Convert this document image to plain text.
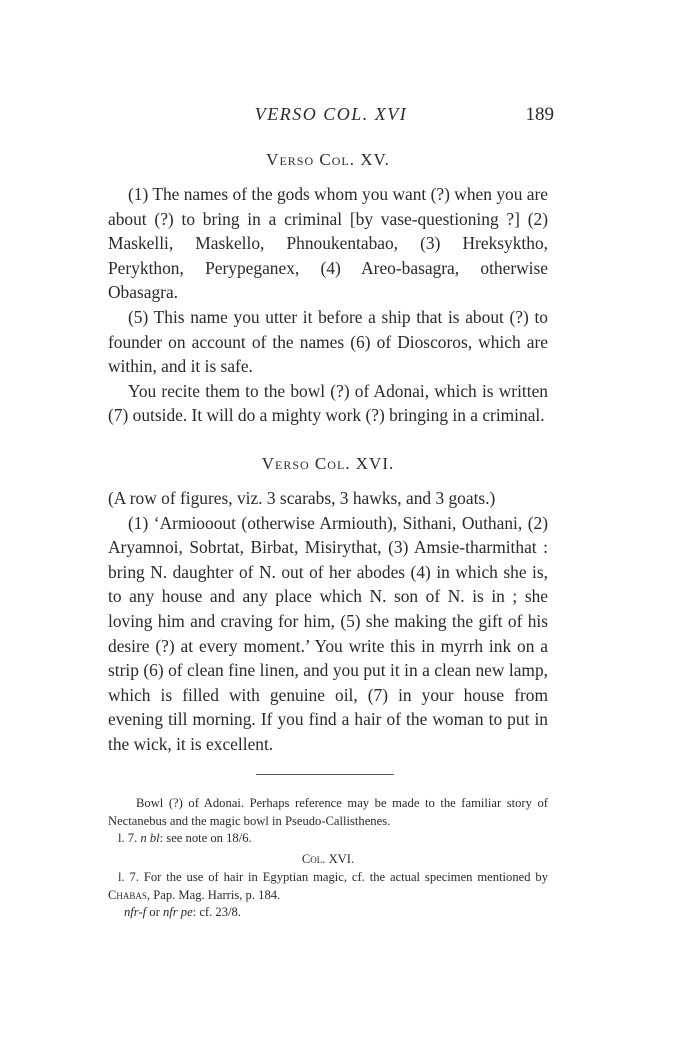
VERSO COL. XVI	189
Verso Col. XV.

(1) The names of the gods whom you want (?) when you are about (?) to bring in a criminal [by vase-questioning ?] (2) Maskelli, Maskello, Phnoukentabao, (3) Hreksyktho, Perykthon, Perypeganex, (4) Areo-basagra, otherwise Obasagra.

(5) This name you utter it before a ship that is about (?) to founder on account of the names (6) of Dioscoros, which are within, and it is safe.

You recite them to the bowl (?) of Adonai, which is written (7) outside. It will do a mighty work (?) bringing in a criminal.

Verso Col. XVI.

(A row of figures, viz. 3 scarabs, 3 hawks, and 3 goats.)

(1) ‘Armiooout (otherwise Armiouth), Sithani, Outhani, (2) Aryamnoi, Sobrtat, Birbat, Misirythat, (3) Amsie-tharmithat : bring N. daughter of N. out of her abodes (4) in which she is, to any house and any place which N. son of N. is in ; she loving him and craving for him, (5) she making the gift of his desire (?) at every moment.’ You write this in myrrh ink on a strip (6) of clean fine linen, and you put it in a clean new lamp, which is filled with genuine oil, (7) in your house from evening till morning. If you find a hair of the woman to put in the wick, it is excellent.

Bowl (?) of Adonai. Perhaps reference may be made to the familiar story of Nectanebus and the magic bowl in Pseudo-Callisthenes.

l. 7. n bl: see note on 18/6.

Col. XVI.

l. 7. For the use of hair in Egyptian magic, cf. the actual specimen mentioned by Chabas, Pap. Mag. Harris, p. 184.

nfr-f or nfr pe: cf. 23/8.
